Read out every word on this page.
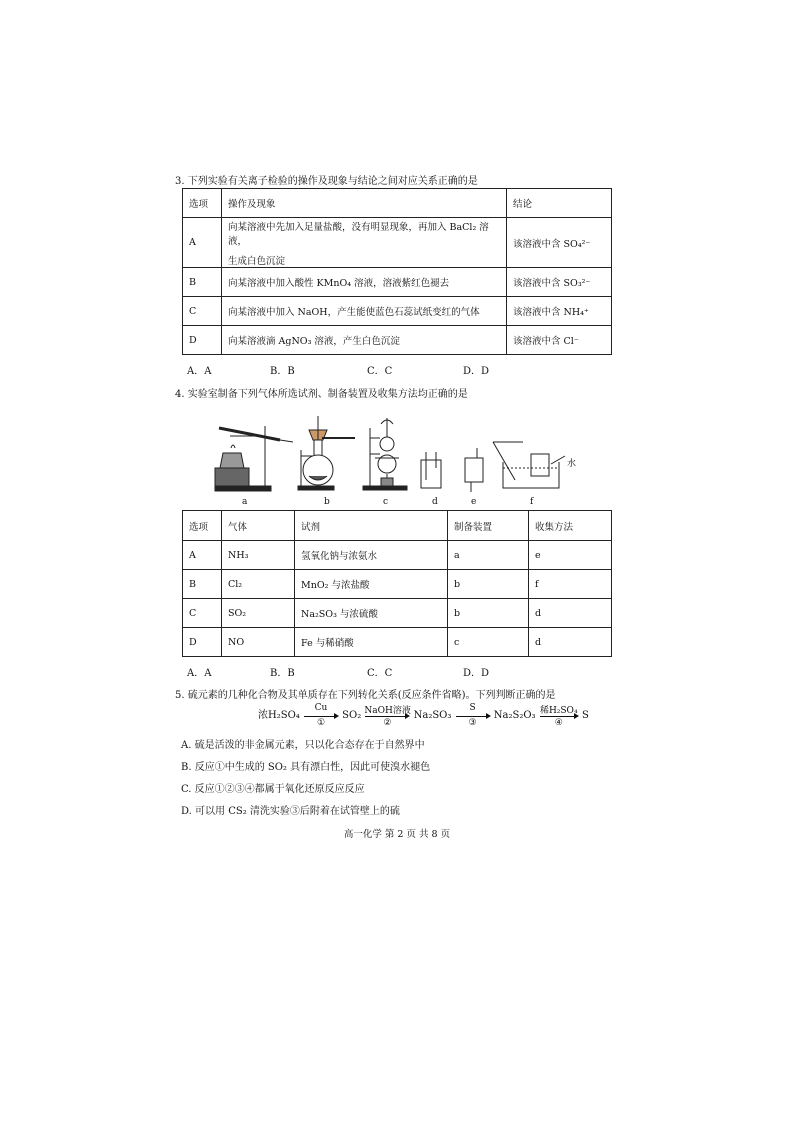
3. 下列实验有关离子检验的操作及现象与结论之间对应关系正确的是
选项	操作及现象	结论
A	向某溶液中先加入足量盐酸，没有明显现象，再加入 BaCl₂ 溶液，
生成白色沉淀	该溶液中含 SO₄²⁻
B	向某溶液中加入酸性 KMnO₄ 溶液，溶液紫红色褪去	该溶液中含 SO₃²⁻
C	向某溶液中加入 NaOH，产生能使蓝色石蕊试纸变红的气体	该溶液中含 NH₄⁺
D	向某溶液滴 AgNO₃ 溶液，产生白色沉淀	该溶液中含 Cl⁻
A．A	B．B	C．C	D．D
4. 实验室制备下列气体所选试剂、制备装置及收集方法均正确的是
a	b	c	d	e	f
水
选项	气体	试剂	制备装置	收集方法
A	NH₃	氢氧化钠与浓氨水	a	e
B	Cl₂	MnO₂ 与浓盐酸	b	f
C	SO₂	Na₂SO₃ 与浓硫酸	b	d
D	NO	Fe 与稀硝酸	c	d
A．A	B．B	C．C	D．D
5. 硫元素的几种化合物及其单质存在下列转化关系(反应条件省略)。下列判断正确的是
浓H₂SO₄
Cu
①
SO₂ NaOH溶液
②
Na₂SO₃
S
③
Na₂S₂O₃ 稀H₂SO₄
④
S
A. 硫是活泼的非金属元素，只以化合态存在于自然界中
B. 反应①中生成的 SO₂ 具有漂白性，因此可使溴水褪色
C. 反应①②③④都属于氧化还原反应反应
D. 可以用 CS₂ 清洗实验③后附着在试管壁上的硫
高一化学 第 2 页 共 8 页
